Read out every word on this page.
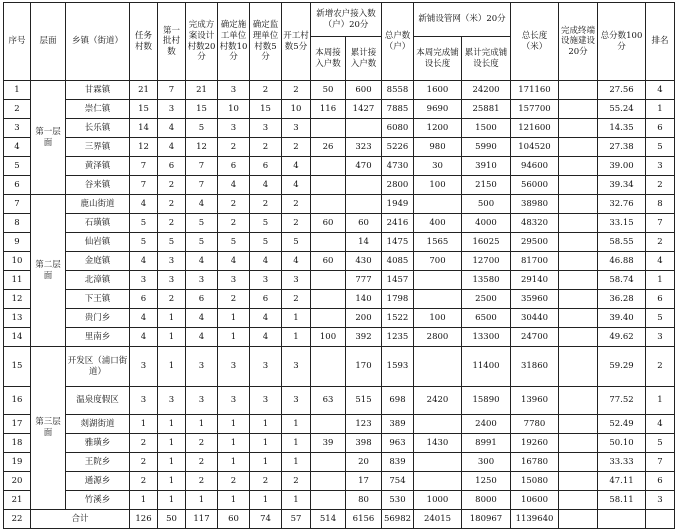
序号	层面	乡镇（街道）	任务村数	第一批村数	完成方案设计村数20分	确定施工单位村数10分	确定监理单位村数5分	开工村数5分	新增农户接入数（户）20分		总户数（户）	新铺设管网（米）20分		总长度（米）	完成终端设施建设20分	总分数100分	排名
									本周接入户数	累计接入户数		本周完成铺设长度	累计完成铺设长度				
1	第一层面	甘霖镇	21	7	21	3	2	2	50	600	8558	1600	24200	171160		27.56	4
2		崇仁镇	15	3	15	10	15	10	116	1427	7885	9690	25881	157700		55.24	1
3		长乐镇	14	4	5	3	3	3			6080	1200	1500	121600		14.35	6
4		三界镇	12	4	12	2	2	2	26	323	5226	980	5990	104520		27.38	5
5		黄泽镇	7	6	7	6	6	4		470	4730	30	3910	94600		39.00	3
6		谷来镇	7	2	7	4	4	4			2800	100	2150	56000		39.34	2
7	第二层面	鹿山街道	4	2	4	2	2	2			1949		500	38980		32.76	8
8		石璜镇	5	2	5	2	5	2	60	60	2416	400	4000	48320		33.15	7
9		仙岩镇	5	5	5	5	5	5		14	1475	1565	16025	29500		58.55	2
10		金庭镇	4	3	4	4	4	4	60	430	4085	700	12700	81700		46.88	4
11		北漳镇	3	3	3	3	3	3		777	1457		13580	29140		58.74	1
12		下王镇	6	2	6	2	6	2		140	1798		2500	35960		36.28	6
13		贵门乡	4	1	4	1	4	1		200	1522	100	6500	30440		39.40	5
14		里南乡	4	1	4	1	4	1	100	392	1235	2800	13300	24700		49.62	3
15	第三层面	开发区（浦口街道）	3	1	3	3	3	3		170	1593		11400	31860		59.29	2
16		温泉度假区	3	3	3	3	3	3	63	515	698	2420	15890	13960		77.52	1
17		剡湖街道	1	1	1	1	1	1		123	389		2400	7780		52.49	4
18		雅璜乡	2	1	2	1	1	1	39	398	963	1430	8991	19260		50.10	5
19		王院乡	2	1	2	1	1	1		20	839		300	16780		33.33	7
20		通源乡	2	1	2	2	2	2		17	754		1250	15080		47.11	6
21		竹溪乡	1	1	1	1	1	1		80	530	1000	8000	10600		58.11	3
22	合计		126	50	117	60	74	57	514	6156	56982	24015	180967	1139640			
